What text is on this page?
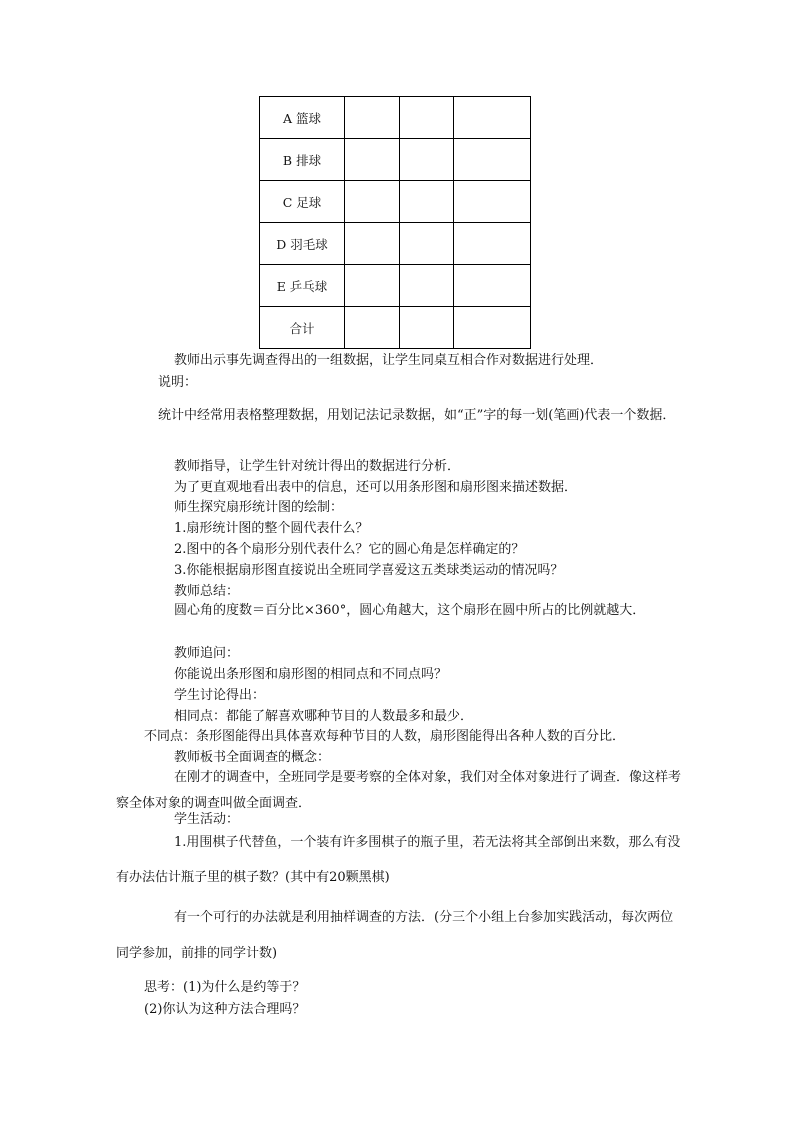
A 篮球			
B 排球			
C 足球			
D 羽毛球			
E 乒乓球			
合计			
教师出示事先调查得出的一组数据，让学生同桌互相合作对数据进行处理．
说明：
统计中经常用表格整理数据，用划记法记录数据，如“正”字的每一划(笔画)代表一个数据．
教师指导，让学生针对统计得出的数据进行分析．
为了更直观地看出表中的信息，还可以用条形图和扇形图来描述数据．
师生探究扇形统计图的绘制：
1.扇形统计图的整个圆代表什么？
2.图中的各个扇形分别代表什么？它的圆心角是怎样确定的？
3.你能根据扇形图直接说出全班同学喜爱这五类球类运动的情况吗？
教师总结：
圆心角的度数＝百分比×360°，圆心角越大，这个扇形在圆中所占的比例就越大．
教师追问：
你能说出条形图和扇形图的相同点和不同点吗？
学生讨论得出：
相同点：都能了解喜欢哪种节目的人数最多和最少．
不同点：条形图能得出具体喜欢每种节目的人数，扇形图能得出各种人数的百分比．
教师板书全面调查的概念：
在刚才的调查中，全班同学是要考察的全体对象，我们对全体对象进行了调查．像这样考察全体对象的调查叫做全面调查．
学生活动：
1.用围棋子代替鱼，一个装有许多围棋子的瓶子里，若无法将其全部倒出来数，那么有没有办法估计瓶子里的棋子数？(其中有20颗黑棋)
有一个可行的办法就是利用抽样调查的方法．(分三个小组上台参加实践活动，每次两位同学参加，前排的同学计数)
思考：(1)为什么是约等于？
(2)你认为这种方法合理吗？
